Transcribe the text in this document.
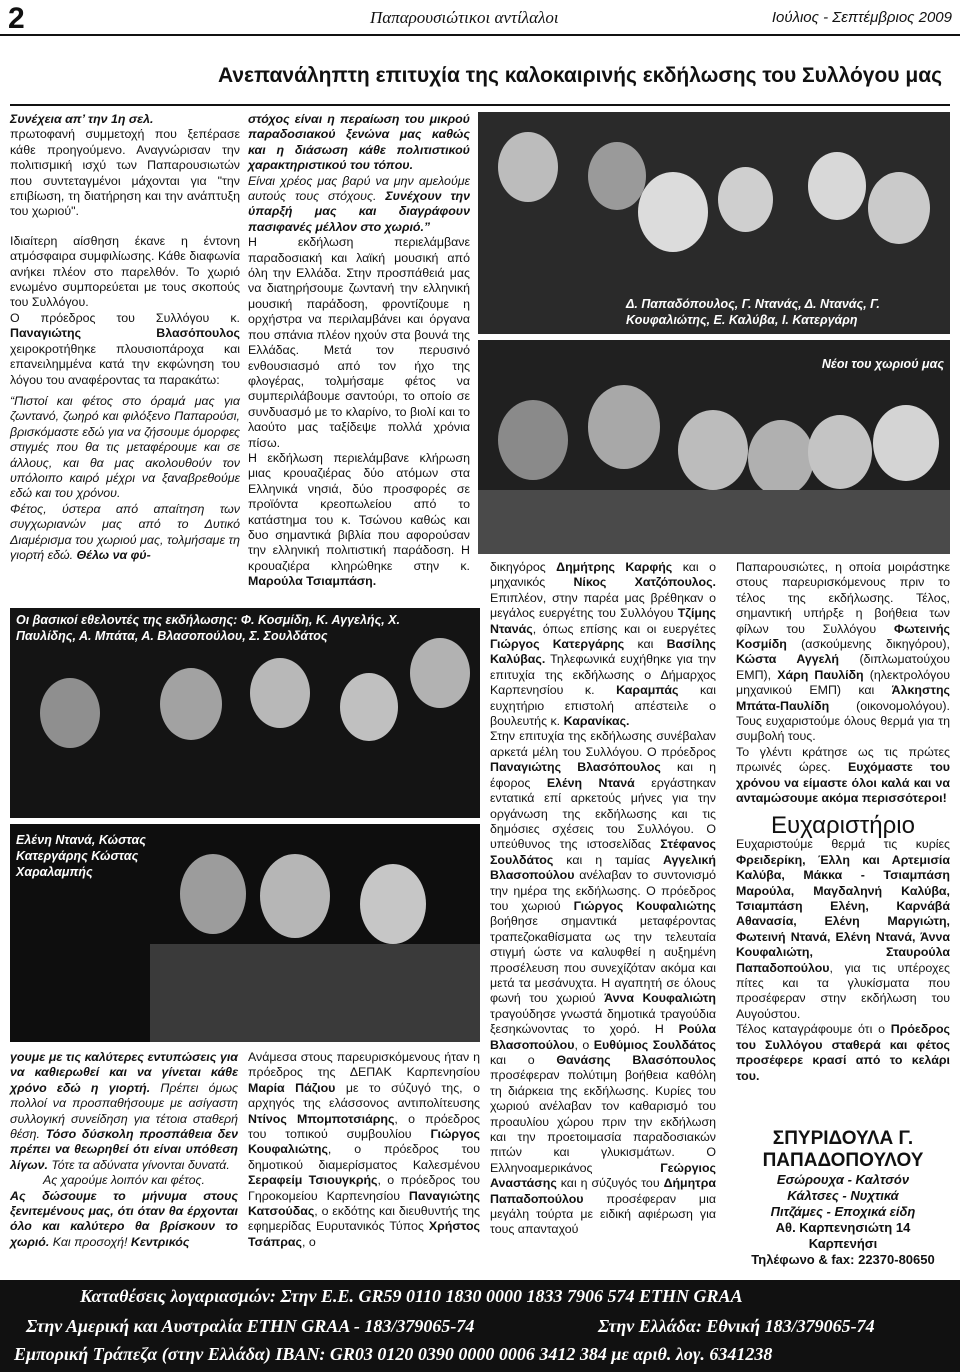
2	Παπαρουσιώτικοι αντίλαλοι	Ιούλιος - Σεπτέμβριος 2009
Ανεπανάληπτη επιτυχία της καλοκαιρινής εκδήλωσης του Συλλόγου μας

Συνέχεια απ’ την 1η σελ.

πρωτοφανή συμμετοχή που ξεπέρασε κάθε προηγούμενο. Αναγνώρισαν την πολιτισμική ισχύ των Παπαρουσιωτών που συντεταγμένοι μάχονται για "την επιβίωση, τη διατήρηση και την ανάπτυξη του χωριού".

Ιδιαίτερη αίσθηση έκανε η έντονη ατμόσφαιρα συμφιλίωσης. Κάθε διαφωνία ανήκει πλέον στο παρελθόν. Το χωριό ενωμένο συμπορεύεται με τους σκοπούς του Συλλόγου.

Ο πρόεδρος του Συλλόγου κ. Παναγιώτης Βλασόπουλος χειροκροτήθηκε πλουσιοπάροχα και επανειλημμένα κατά την εκφώνηση του λόγου του αναφέροντας τα παρακάτω:

“Πιστοί και φέτος στο όραμά μας για ζωντανό, ζωηρό και φιλόξενο Παπαρούσι, βρισκόμαστε εδώ για να ζήσουμε όμορφες στιγμές που θα τις μεταφέρουμε και σε άλλους, και θα μας ακολουθούν τον υπόλοιπο καιρό μέχρι να ξαναβρεθούμε εδώ και του χρόνου.

Φέτος, ύστερα από απαίτηση των συγχωριανών μας από το Δυτικό Διαμέρισμα του χωριού μας, τολμήσαμε τη γιορτή εδώ. Θέλω να φύ-

στόχος είναι η περαίωση του μικρού παραδοσιακού ξενώνα μας καθώς και η διάσωση κάθε πολιτιστικού χαρακτηριστικού του τόπου.

Είναι χρέος μας βαρύ να μην αμελούμε αυτούς τους στόχους. Συνέχουν την ύπαρξή μας και διαγράφουν πασιφανές μέλλον στο χωριό.”

Η εκδήλωση περιελάμβανε παραδοσιακή και λαϊκή μουσική από όλη την Ελλάδα. Στην προσπάθειά μας να διατηρήσουμε ζωντανή την ελληνική μουσική παράδοση, φροντίζουμε η ορχήστρα να περιλαμβάνει και όργανα που σπάνια πλέον ηχούν στα βουνά της Ελλάδας. Μετά τον περυσινό ενθουσιασμό από τον ήχο της φλογέρας, τολμήσαμε φέτος να συμπεριλάβουμε σαντούρι, το οποίο σε συνδυασμό με το κλαρίνο, το βιολί και το λαούτο μας ταξίδεψε πολλά χρόνια πίσω.

Η εκδήλωση περιελάμβανε κλήρωση μιας κρουαζιέρας δύο ατόμων στα Ελληνικά νησιά, δύο προσφορές σε προϊόντα κρεοπωλείου από το κατάστημα του κ. Τσώνου καθώς και δυο σημαντικά βιβλία που αφορούσαν την ελληνική πολιτιστική παράδοση. Η κρουαζιέρα κληρώθηκε στην κ. Μαρούλα Τσιαμπάση.

Δ. Παπαδόπουλος, Γ. Ντανάς, Δ. Ντανάς, Γ. Κουφαλιώτης, Ε. Καλύβα, Ι. Κατεργάρη
Νέοι του χωριού μας
Οι βασικοί εθελοντές της εκδήλωσης: Φ. Κοσμίδη, Κ. Αγγελής, Χ. Παυλίδης, Α. Μπάτα, Α. Βλασοπούλου, Σ. Σουλδάτος
Ελένη Ντανά, Κώστας Κατεργάρης Κώστας Χαραλαμπής

γουμε με τις καλύτερες εντυπώσεις για να καθιερωθεί και να γίνεται κάθε χρόνο εδώ η γιορτή. Πρέπει όμως πολλοί να προσπαθήσουμε με ασίγαστη συλλογική συνείδηση για τέτοια σταθερή θέση. Τόσο δύσκολη προσπάθεια δεν πρέπει να θεωρηθεί ότι είναι υπόθεση λίγων. Τότε τα αδύνατα γίνονται δυνατά.

Ας χαρούμε λοιπόν και φέτος.

Ας δώσουμε το μήνυμα στους ξενιτεμένους μας, ότι όταν θα έρχονται όλο και καλύτερο θα βρίσκουν το χωριό. Και προσοχή! Κεντρικός

Ανάμεσα στους παρευρισκόμενους ήταν η πρόεδρος της ΔΕΠΑΚ Καρπενησίου Μαρία Πάζιου με το σύζυγό της, ο αρχηγός της ελάσσονος αντιπολίτευσης Ντίνος Μπομποτσιάρης, ο πρόεδρος του τοπικού συμβουλίου Γιώργος Κουφαλιώτης, ο πρόεδρος του δημοτικού διαμερίσματος Καλεσμένου Σεραφείμ Τσιουγκρής, ο πρόεδρος του Γηροκομείου Καρπενησίου Παναγιώτης Κατσούδας, ο εκδότης και διευθυντής της εφημερίδας Ευρυτανικός Τύπος Χρήστος Τσάπρας, ο

δικηγόρος Δημήτρης Καρφής και ο μηχανικός Νίκος Χατζόπουλος. Επιπλέον, στην παρέα μας βρέθηκαν ο μεγάλος ευεργέτης του Συλλόγου Τζίμης Ντανάς, όπως επίσης και οι ευεργέτες Γιώργος Κατεργάρης και Βασίλης Καλύβας. Τηλεφωνικά ευχήθηκε για την επιτυχία της εκδήλωσης ο Δήμαρχος Καρπενησίου κ. Καραμπάς και ευχητήριο επιστολή απέστειλε ο βουλευτής κ. Καρανίκας.

Στην επιτυχία της εκδήλωσης συνέβαλαν αρκετά μέλη του Συλλόγου. Ο πρόεδρος Παναγιώτης Βλασόπουλος και η έφορος Ελένη Ντανά εργάστηκαν εντατικά επί αρκετούς μήνες για την οργάνωση της εκδήλωσης και τις δημόσιες σχέσεις του Συλλόγου. Ο υπεύθυνος της ιστοσελίδας Στέφανος Σουλδάτος και η ταμίας Αγγελική Βλασοπούλου ανέλαβαν το συντονισμό την ημέρα της εκδήλωσης. Ο πρόεδρος του χωριού Γιώργος Κουφαλιώτης βοήθησε σημαντικά μεταφέροντας τραπεζοκαθίσματα ως την τελευταία στιγμή ώστε να καλυφθεί η αυξημένη προσέλευση που συνεχίζόταν ακόμα και μετά τα μεσάνυχτα. Η αγαπητή σε όλους φωνή του χωριού Άννα Κουφαλιώτη τραγούδησε γνωστά δημοτικά τραγούδια ξεσηκώνοντας το χορό. Η Ρούλα Βλασοπούλου, ο Ευθύμιος Σουλδάτος και ο Θανάσης Βλασόπουλος προσέφεραν πολύτιμη βοήθεια καθόλη τη διάρκεια της εκδήλωσης. Κυρίες του χωριού ανέλαβαν τον καθαρισμό του προαυλίου χώρου πριν την εκδήλωση και την προετοιμασία παραδοσιακών πιτών και γλυκισμάτων. Ο Ελληνοαμερικάνος Γεώργιος Αναστάσης και η σύζυγός του Δήμητρα Παπαδοπούλου προσέφεραν μια μεγάλη τούρτα με ειδική αφιέρωση για τους απανταχού

Παπαρουσιώτες, η οποία μοιράστηκε στους παρευρισκόμενους πριν το τέλος της εκδήλωσης. Τέλος, σημαντική υπήρξε η βοήθεια των φίλων του Συλλόγου Φωτεινής Κοσμίδη (ασκούμενης δικηγόρου), Κώστα Αγγελή (διπλωματούχου ΕΜΠ), Χάρη Παυλίδη (ηλεκτρολόγου μηχανικού ΕΜΠ) και Άλκηστης Μπάτα-Παυλίδη (οικονομολόγου). Τους ευχαριστούμε όλους θερμά για τη συμβολή τους.

Το γλέντι κράτησε ως τις πρώτες πρωινές ώρες. Ευχόμαστε του χρόνου να είμαστε όλοι καλά και να ανταμώσουμε ακόμα περισσότεροι!

Ευχαριστήριο

Ευχαριστούμε θερμά τις κυρίες Φρειδερίκη, Έλλη και Αρτεμισία Καλύβα, Μάκκα - Τσιαμπάση Μαρούλα, Μαγδαληνή Καλύβα, Τσιαμπάση Ελένη, Καρνάβά Αθανασία, Ελένη Μαργιώτη, Φωτεινή Ντανά, Ελένη Ντανά, Άννα Κουφαλιώτη, Σταυρούλα Παπαδοπούλου, για τις υπέροχες πίτες και τα γλυκίσματα που προσέφεραν στην εκδήλωση του Αυγούστου.

Τέλος καταγράφουμε ότι ο Πρόεδρος του Συλλόγου σταθερά και φέτος προσέφερε κρασί από το κελάρι του.

ΣΠΥΡΙΔΟΥΛΑ Γ.
ΠΑΠΑΔΟΠΟΥΛΟΥ
Εσώρουχα - Καλτσόν
Κάλτσες - Νυχτικά
Πιτζάμες - Εποχικά είδη
Αθ. Καρπενησιώτη 14
Καρπενήσι
Τηλέφωνο & fax: 22370-80650
Καταθέσεις λογαριασμών: Στην Ε.Ε. GR59 0110 1830 0000 1833 7906 574 ETHN GRAA
Στην Αμερική και Αυστραλία ETHN GRAA - 183/379065-74	Στην Ελλάδα: Εθνική 183/379065-74
Εμπορική Τράπεζα (στην Ελλάδα) ΙΒΑΝ: GR03 0120 0390 0000 0006 3412 384 με αριθ. λογ. 6341238
